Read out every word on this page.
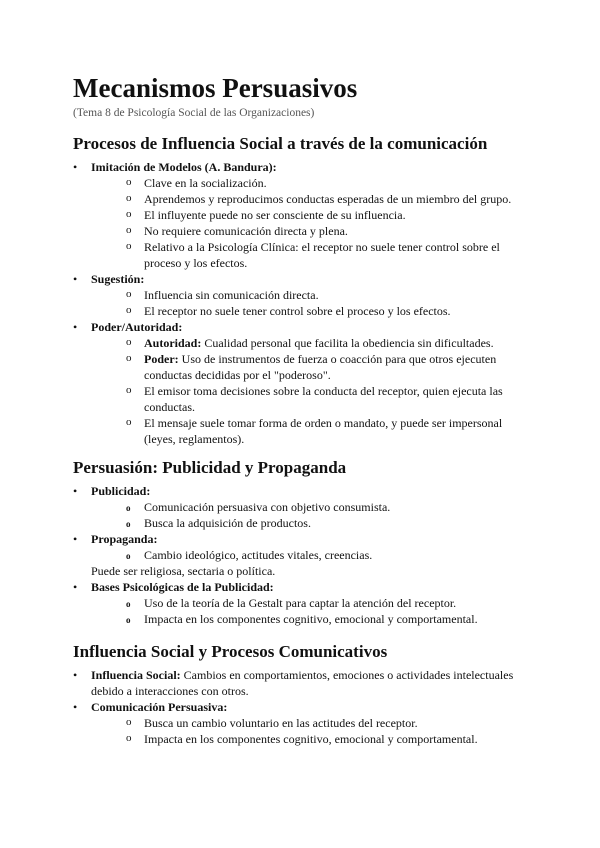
Mecanismos Persuasivos
(Tema 8 de Psicología Social de las Organizaciones)
Procesos de Influencia Social a través de la comunicación
• Imitación de Modelos (A. Bandura):
o Clave en la socialización.
o Aprendemos y reproducimos conductas esperadas de un miembro del grupo.
o El influyente puede no ser consciente de su influencia.
o No requiere comunicación directa y plena.
o Relativo a la Psicología Clínica: el receptor no suele tener control sobre el proceso y los efectos.
• Sugestión:
o Influencia sin comunicación directa.
o El receptor no suele tener control sobre el proceso y los efectos.
• Poder/Autoridad:
o Autoridad: Cualidad personal que facilita la obediencia sin dificultades.
o Poder: Uso de instrumentos de fuerza o coacción para que otros ejecuten conductas decididas por el "poderoso".
o El emisor toma decisiones sobre la conducta del receptor, quien ejecuta las conductas.
o El mensaje suele tomar forma de orden o mandato, y puede ser impersonal (leyes, reglamentos).
Persuasión: Publicidad y Propaganda
• Publicidad:
o Comunicación persuasiva con objetivo consumista.
o Busca la adquisición de productos.
• Propaganda:
o Cambio ideológico, actitudes vitales, creencias.
Puede ser religiosa, sectaria o política.
• Bases Psicológicas de la Publicidad:
o Uso de la teoría de la Gestalt para captar la atención del receptor.
o Impacta en los componentes cognitivo, emocional y comportamental.
Influencia Social y Procesos Comunicativos
• Influencia Social: Cambios en comportamientos, emociones o actividades intelectuales debido a interacciones con otros.
• Comunicación Persuasiva:
o Busca un cambio voluntario en las actitudes del receptor.
o Impacta en los componentes cognitivo, emocional y comportamental.
